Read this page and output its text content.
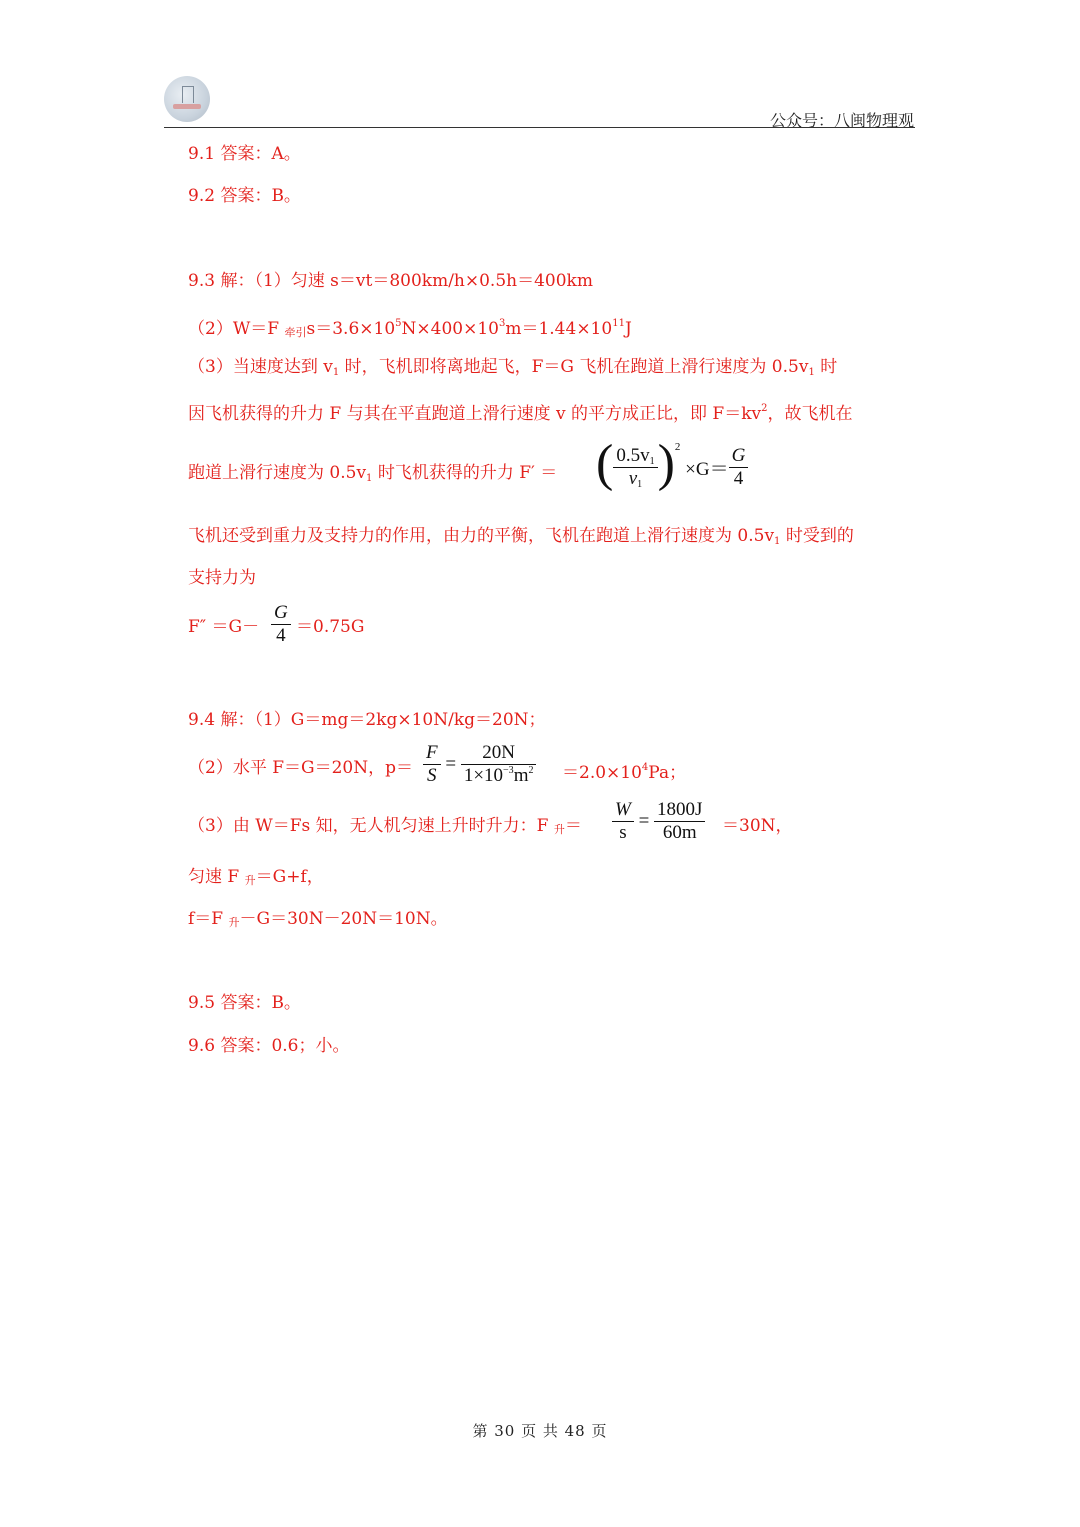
公众号：八闽物理观
9.1 答案：A。
9.2 答案：B。
9.3 解：（1）匀速 s＝vt＝800km/h×0.5h＝400km
（2）W＝F 牵引$s=3.6\times 10^5N\times 400\times 10^3m=1.44\times 10^{11}J$
（3）当速度达到 $v_1$ 时，飞机即将离地起飞，F＝G 飞机在跑道上滑行速度为 $0.5v_1$ 时
因飞机获得的升力 F 与其在平直跑道上滑行速度 v 的平方成正比，即 $F=kv^2$，故飞机在
跑道上滑行速度为 $0.5v_1$ 时飞机获得的升力 F′ ＝ ( $\frac{0.5v_1}{v_1} )^2 \times G= \frac{G}{4}$
飞机还受到重力及支持力的作用，由力的平衡，飞机在跑道上滑行速度为 $0.5v_1$ 时受到的
支持力为
$F'' =G- \frac{G}{4} =0.75G$
9.4 解：（1）G＝mg＝2kg×10N/kg＝20N；
（2）水平 F＝G＝20N，$p= \frac{F}{S} = \frac{20N}{1\times 10^{-3}m^2} =2.0\times 10^4Pa$；
（3）由 W＝Fs 知，无人机匀速上升时升力：F 升＝ $\frac{W}{s} = \frac{1800J}{60m} =30N$，
匀速 F 升＝G+f，
f＝F 升－G＝30N－20N＝10N。
9.5 答案：B。
9.6 答案：0.6；小。
第 30 页 共 48 页
